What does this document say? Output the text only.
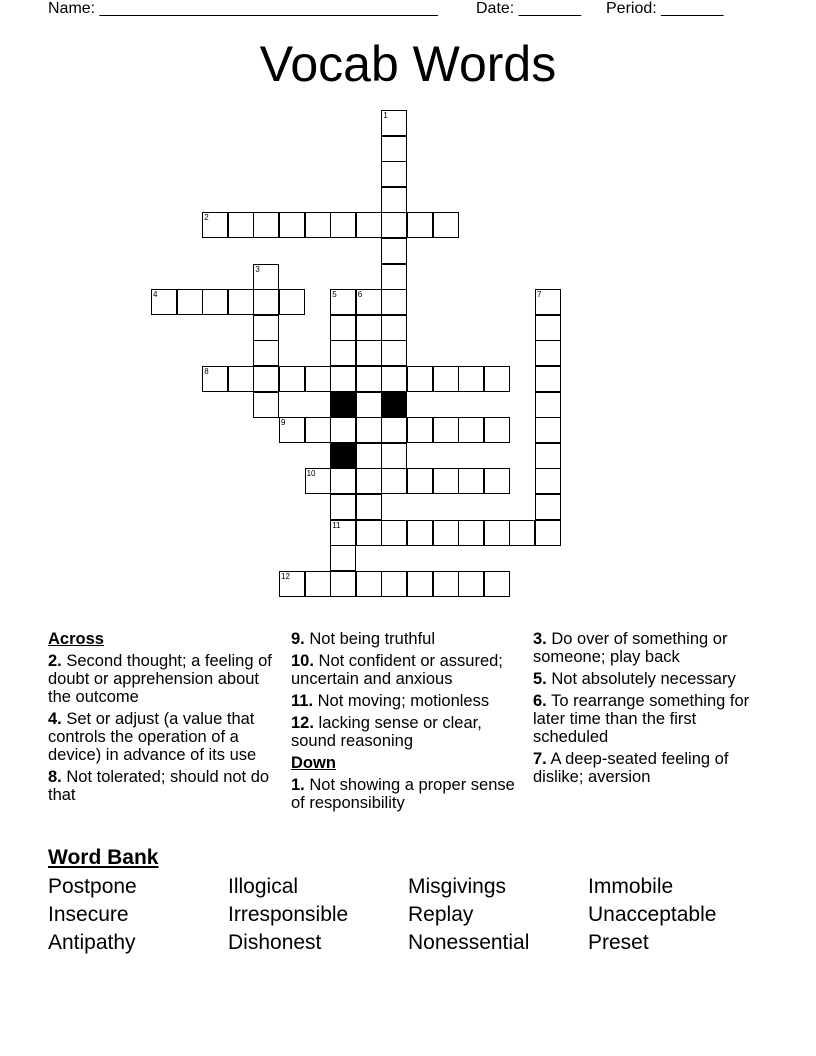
Name: ______________________________________ Date: _______ Period: _______
Vocab Words
1
2
3
4	5
11
6	7
8
9
10
12
Across
2. Second thought; a feeling of doubt or apprehension about the outcome
4. Set or adjust (a value that controls the operation of a device) in advance of its use
8. Not tolerated; should not do that
9. Not being truthful
10. Not confident or assured; uncertain and anxious
11. Not moving; motionless
12. lacking sense or clear, sound reasoning
Down
1. Not showing a proper sense of responsibility
3. Do over of something or someone; play back
5. Not absolutely necessary
6. To rearrange something for later time than the first scheduled
7. A deep-seated feeling of dislike; aversion
Word Bank
Postpone	Illogical	Misgivings	Immobile
Insecure	Irresponsible	Replay	Unacceptable
Antipathy	Dishonest	Nonessential	Preset
